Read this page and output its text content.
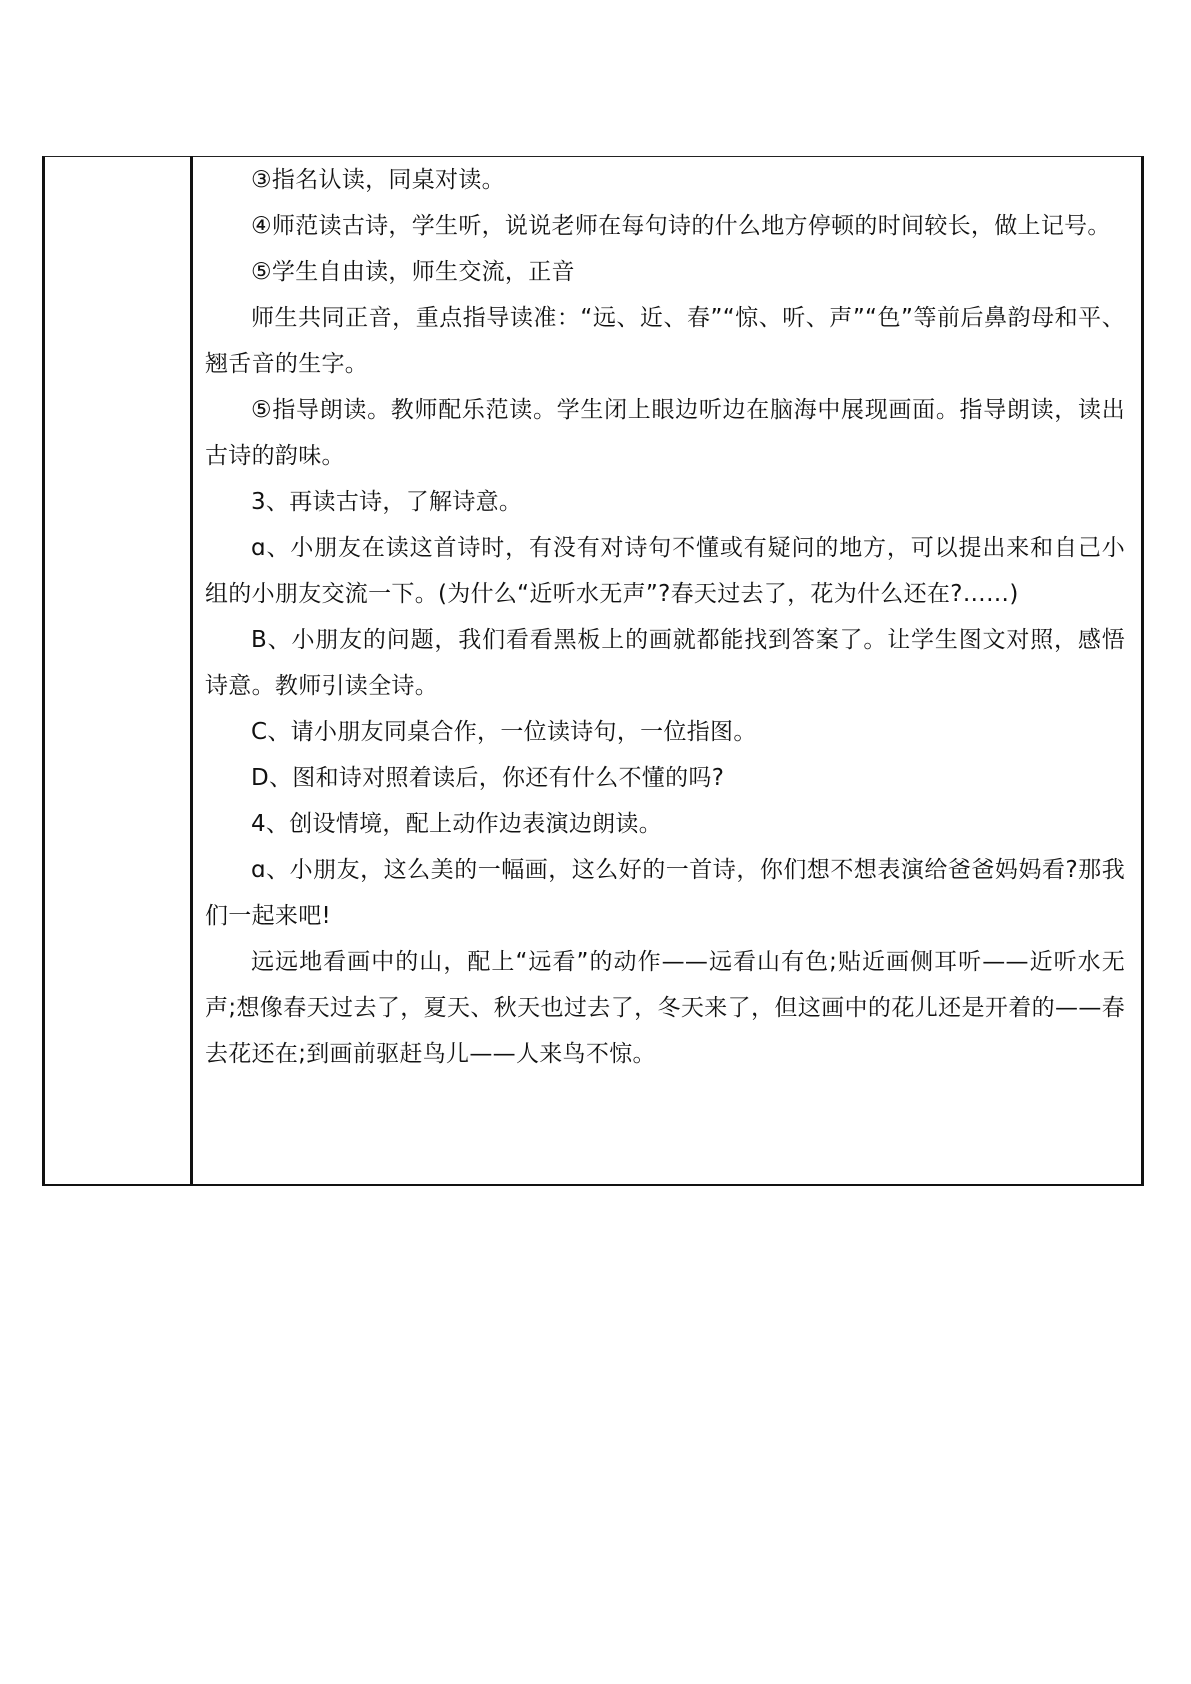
③指名认读，同桌对读。

④师范读古诗，学生听，说说老师在每句诗的什么地方停顿的时间较长，做上记号。

⑤学生自由读，师生交流，正音

师生共同正音，重点指导读准：“远、近、春”“惊、听、声”“色”等前后鼻韵母和平、翘舌音的生字。

⑤指导朗读。教师配乐范读。学生闭上眼边听边在脑海中展现画面。指导朗读，读出古诗的韵味。

3、再读古诗，了解诗意。

ɑ、小朋友在读这首诗时，有没有对诗句不懂或有疑问的地方，可以提出来和自己小组的小朋友交流一下。(为什么“近听水无声”?春天过去了，花为什么还在?……)

B、小朋友的问题，我们看看黑板上的画就都能找到答案了。让学生图文对照，感悟诗意。教师引读全诗。

C、请小朋友同桌合作，一位读诗句，一位指图。

D、图和诗对照着读后，你还有什么不懂的吗?

4、创设情境，配上动作边表演边朗读。

ɑ、小朋友，这么美的一幅画，这么好的一首诗，你们想不想表演给爸爸妈妈看?那我们一起来吧!

远远地看画中的山，配上“远看”的动作——远看山有色;贴近画侧耳听——近听水无声;想像春天过去了，夏天、秋天也过去了，冬天来了，但这画中的花儿还是开着的——春去花还在;到画前驱赶鸟儿——人来鸟不惊。
